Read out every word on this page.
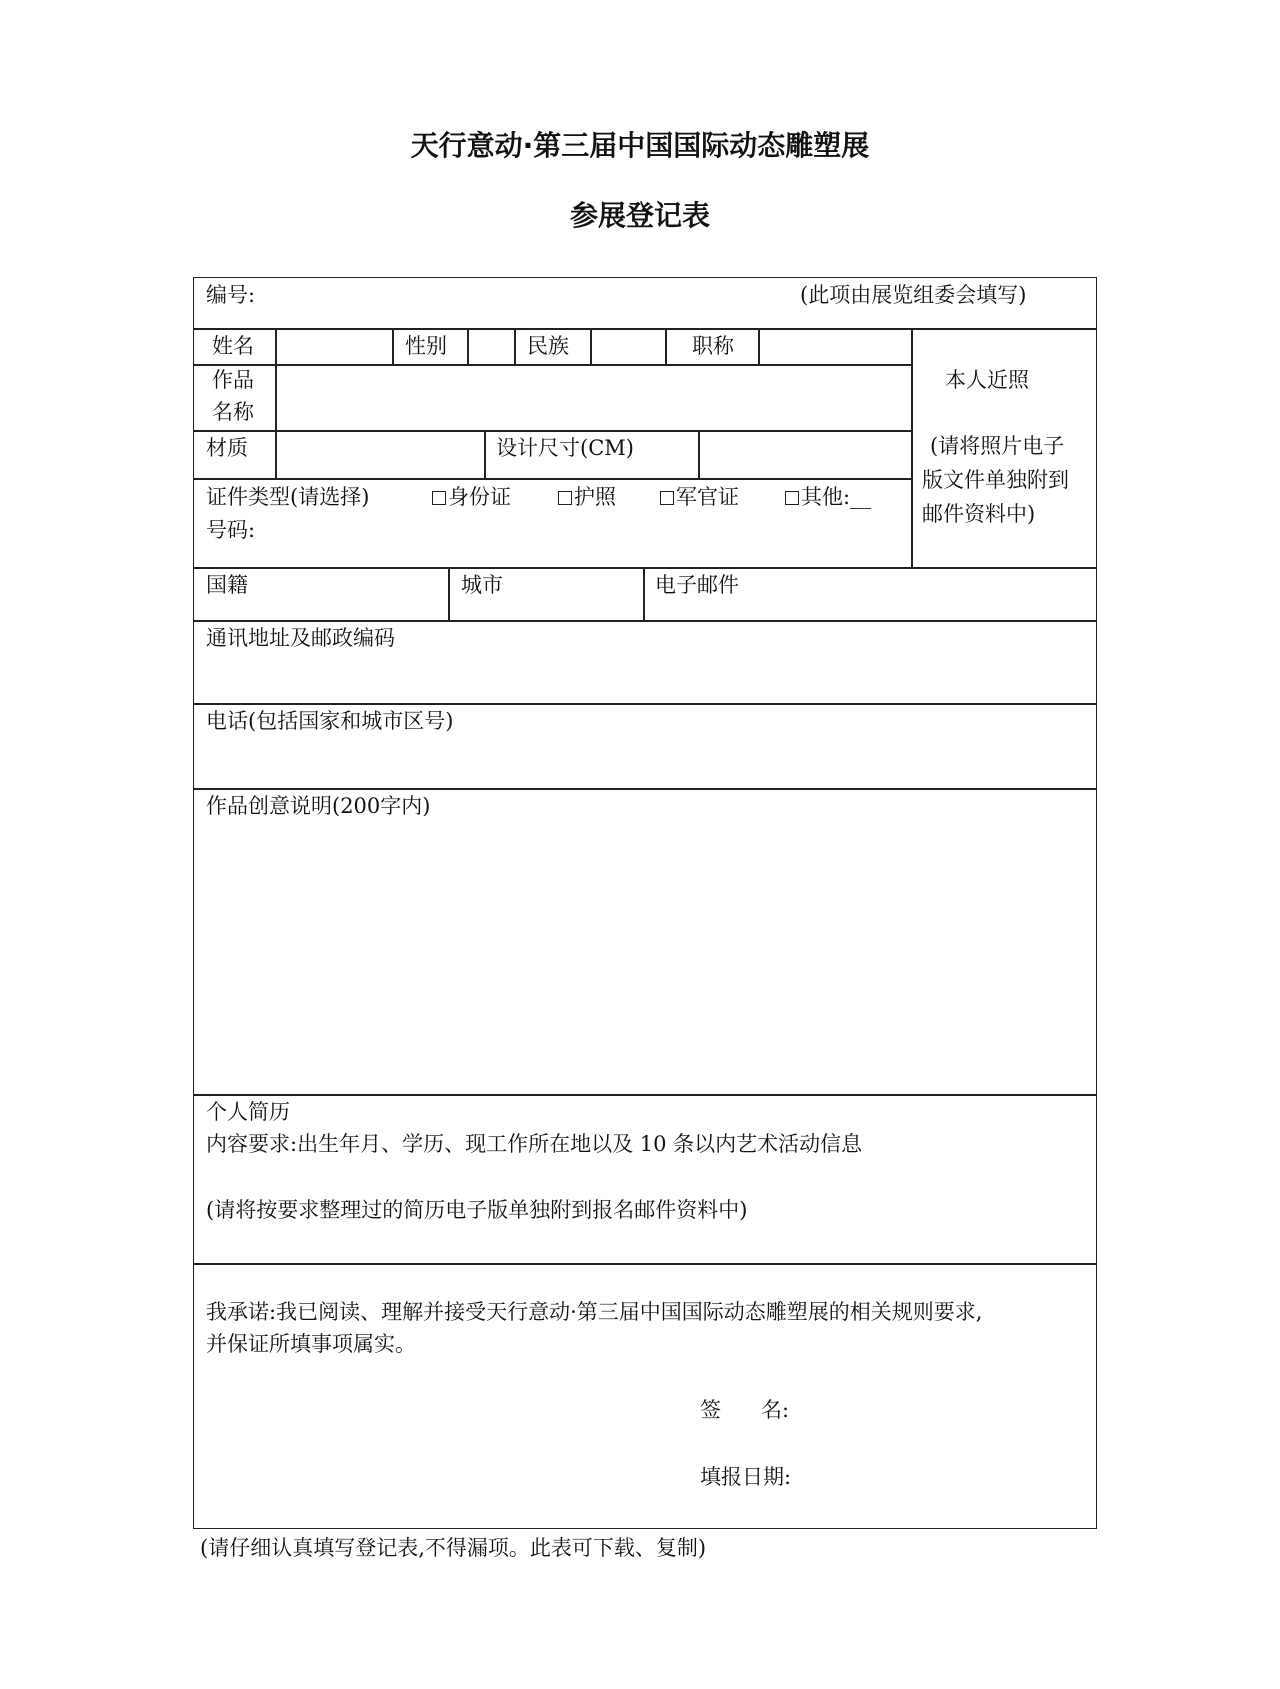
天行意动·第三届中国国际动态雕塑展
参展登记表
编号:	(此项由展览组委会填写)
姓名	性别	民族	职称
本人近照
(请将照片电子
版文件单独附到
邮件资料中)
作品
名称
材质	设计尺寸(CM)
证件类型(请选择)	身份证	护照	军官证	其他:__
号码:
国籍	城市	电子邮件
通讯地址及邮政编码
电话(包括国家和城市区号)
作品创意说明(200字内)
个人简历
内容要求:出生年月、学历、现工作所在地以及 10 条以内艺术活动信息
(请将按要求整理过的简历电子版单独附到报名邮件资料中)
我承诺:我已阅读、理解并接受天行意动·第三届中国国际动态雕塑展的相关规则要求,
并保证所填事项属实。
签      名:
填报日期:
(请仔细认真填写登记表,不得漏项。此表可下载、复制)
